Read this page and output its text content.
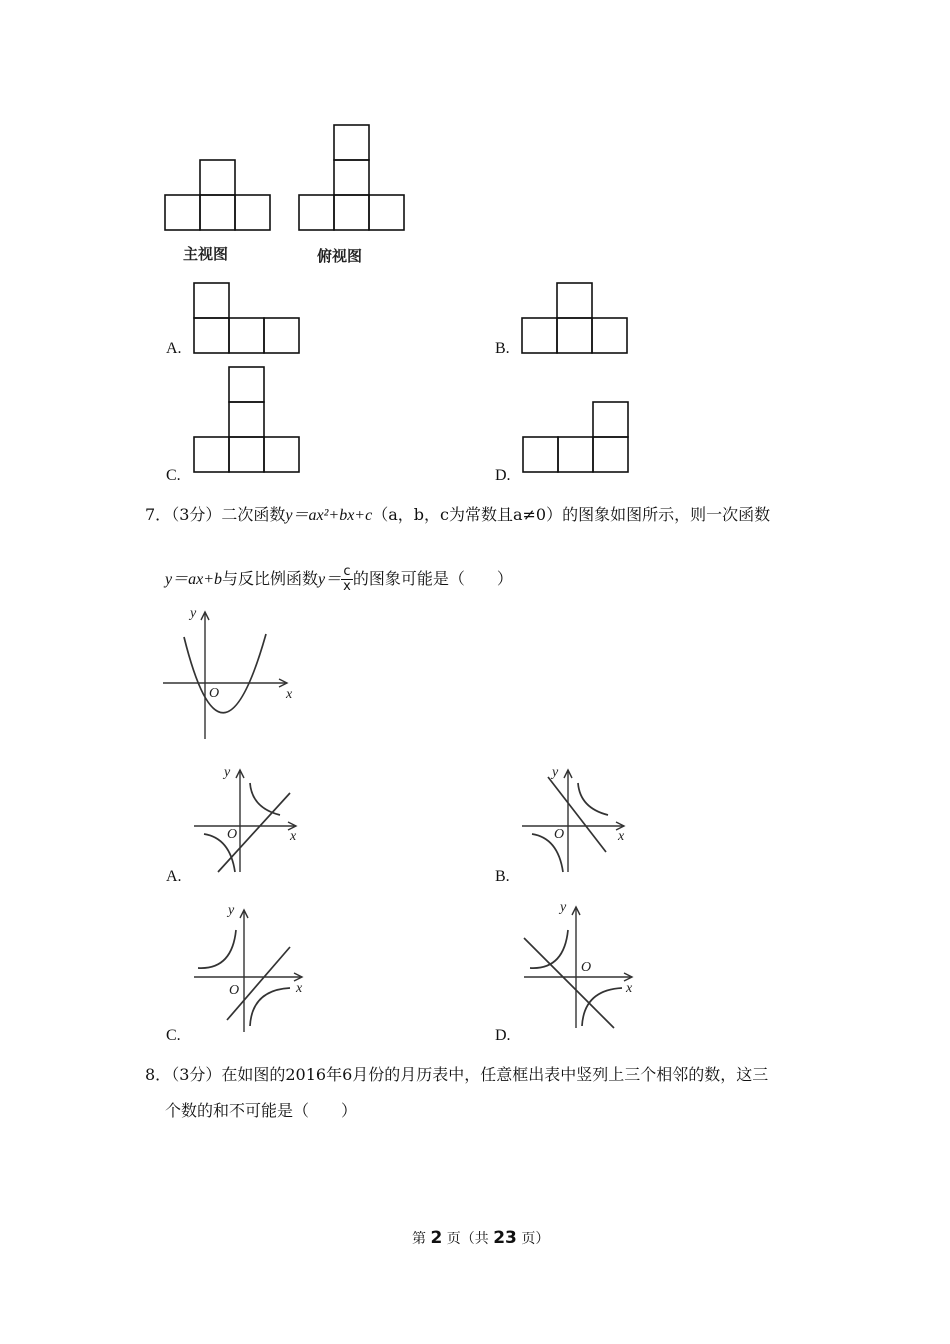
主视图	俯视图
A.	B.
C.	D.
7．（3分）二次函数y＝ax²+bx+c（a，b，c为常数且a≠0）的图象如图所示，则一次函数
y＝ax+b与反比例函数$y= \frac{c}{x}$ 的图象可能是（　　）
y
x
O
A.
y
x
O
B.
y
x
O
C.
y
x
O
D.
y
x
O
8．（3分）在如图的2016年6月份的月历表中，任意框出表中竖列上三个相邻的数，这三
个数的和不可能是（　　）
第 2 页（共 23 页）
